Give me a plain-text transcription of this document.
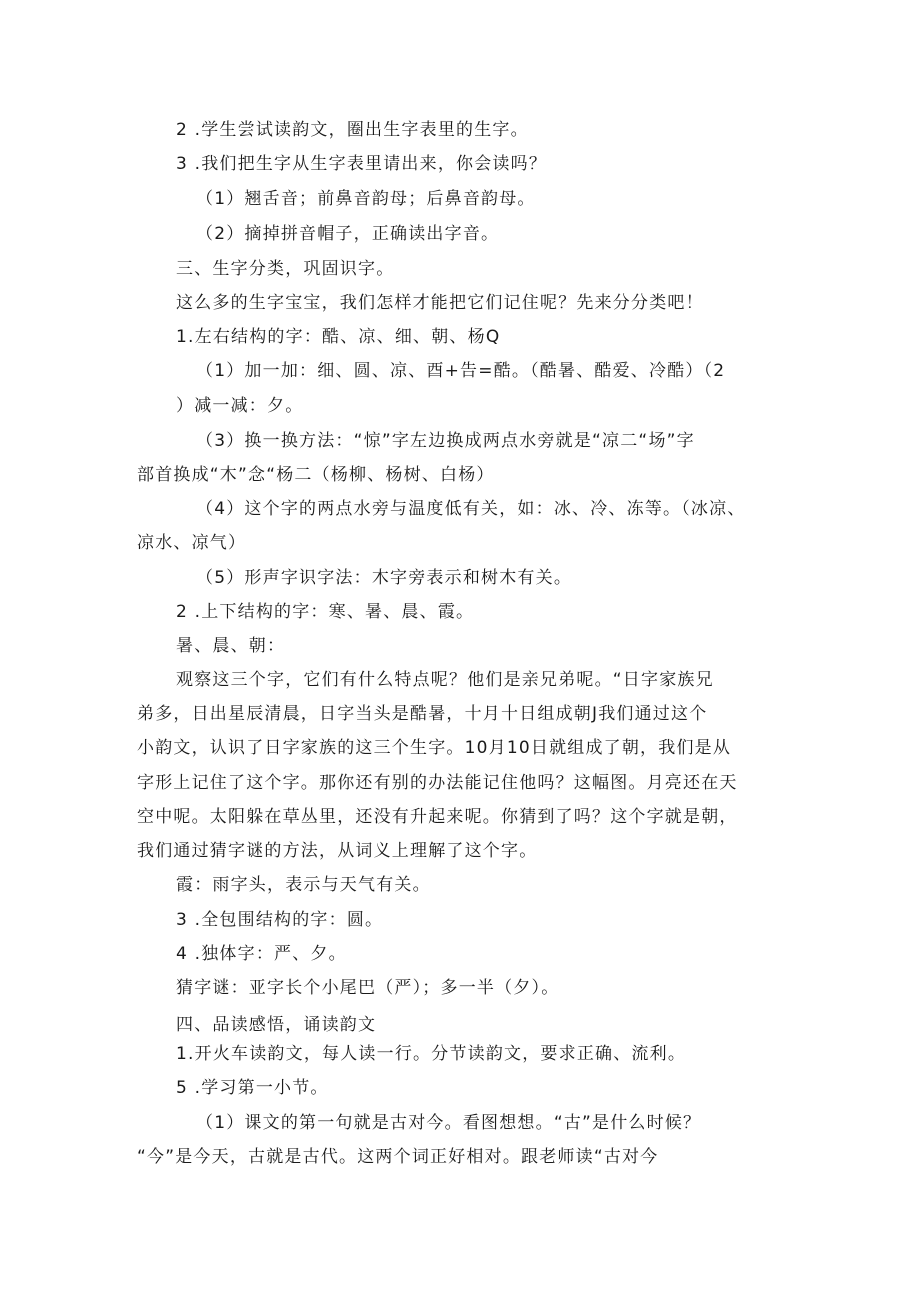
2 .学生尝试读韵文，圈出生字表里的生字。
3 .我们把生字从生字表里请出来，你会读吗？
（1）翘舌音；前鼻音韵母；后鼻音韵母。
（2）摘掉拼音帽子，正确读出字音。
三、生字分类，巩固识字。
这么多的生字宝宝，我们怎样才能把它们记住呢？先来分分类吧！
1.左右结构的字：酷、凉、细、朝、杨Q
（1）加一加：细、圆、凉、酉+告=酷。（酷暑、酷爱、冷酷）（2
）减一减：夕。
（3）换一换方法：“惊”字左边换成两点水旁就是“凉二“场”字
部首换成“木”念“杨二（杨柳、杨树、白杨）
（4）这个字的两点水旁与温度低有关，如：冰、冷、冻等。（冰凉、
凉水、凉气）
（5）形声字识字法：木字旁表示和树木有关。
2 .上下结构的字：寒、暑、晨、霞。
暑、晨、朝：
观察这三个字，它们有什么特点呢？他们是亲兄弟呢。“日字家族兄
弟多，日出星辰清晨，日字当头是酷暑，十月十日组成朝J我们通过这个
小韵文，认识了日字家族的这三个生字。10月10日就组成了朝，我们是从
字形上记住了这个字。那你还有别的办法能记住他吗？这幅图。月亮还在天
空中呢。太阳躲在草丛里，还没有升起来呢。你猜到了吗？这个字就是朝，
我们通过猜字谜的方法，从词义上理解了这个字。
霞：雨字头，表示与天气有关。
3 .全包围结构的字：圆。
4 .独体字：严、夕。
猜字谜：亚字长个小尾巴（严）；多一半（夕）。
四、品读感悟，诵读韵文
1.开火车读韵文，每人读一行。分节读韵文，要求正确、流利。
5 .学习第一小节。
（1）课文的第一句就是古对今。看图想想。“古”是什么时候？
“今”是今天，古就是古代。这两个词正好相对。跟老师读“古对今
